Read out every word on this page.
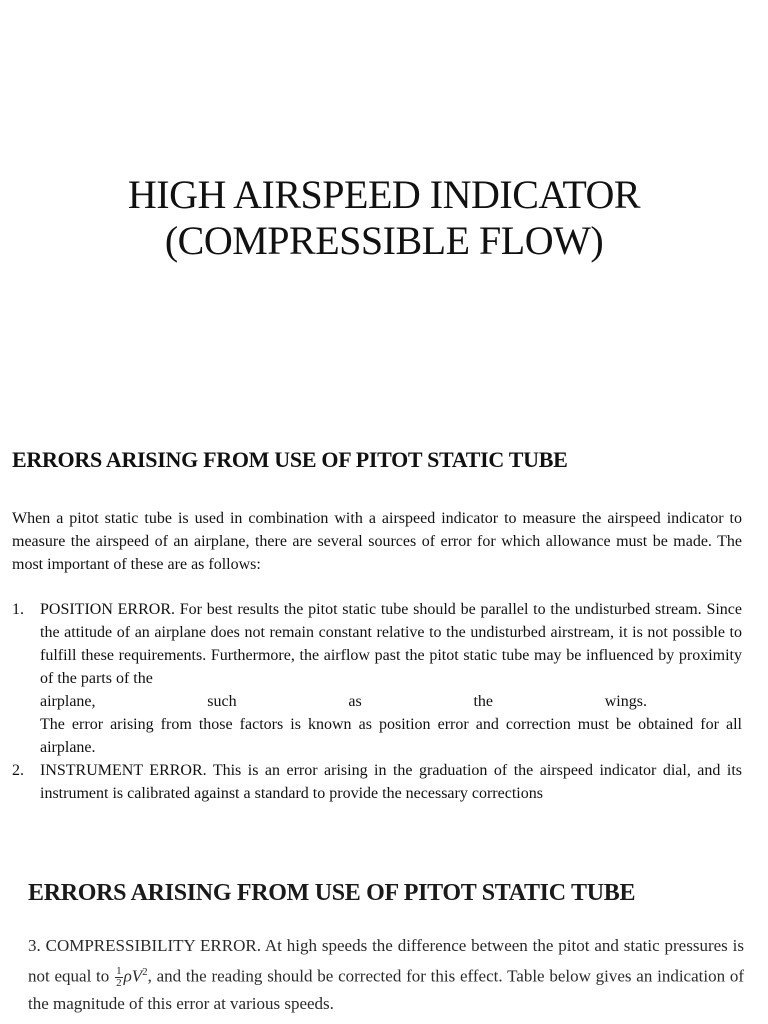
HIGH AIRSPEED INDICATOR
(COMPRESSIBLE FLOW)
ERRORS ARISING FROM USE OF PITOT STATIC TUBE
When a pitot static tube is used in combination with a airspeed indicator to measure the airspeed indicator to measure the airspeed of an airplane, there are several sources of error for which allowance must be made. The most important of these are as follows:
1. POSITION ERROR. For best results the pitot static tube should be parallel to the undisturbed stream. Since the attitude of an airplane does not remain constant relative to the undisturbed airstream, it is not possible to fulfill these requirements. Furthermore, the airflow past the pitot static tube may be influenced by proximity of the parts of the

airplane,	such	as	the	wings.

The error arising from those factors is known as position error and correction must be obtained for all airplane.

2. INSTRUMENT ERROR. This is an error arising in the graduation of the airspeed indicator dial, and its instrument is calibrated against a standard to provide the necessary corrections

ERRORS ARISING FROM USE OF PITOT STATIC TUBE
3. COMPRESSIBILITY ERROR. At high speeds the difference between the pitot and static pressures is not equal to $\frac{1}{2} \rho V^2$, and the reading should be corrected for this effect. Table below gives an indication of the magnitude of this error at various speeds.
